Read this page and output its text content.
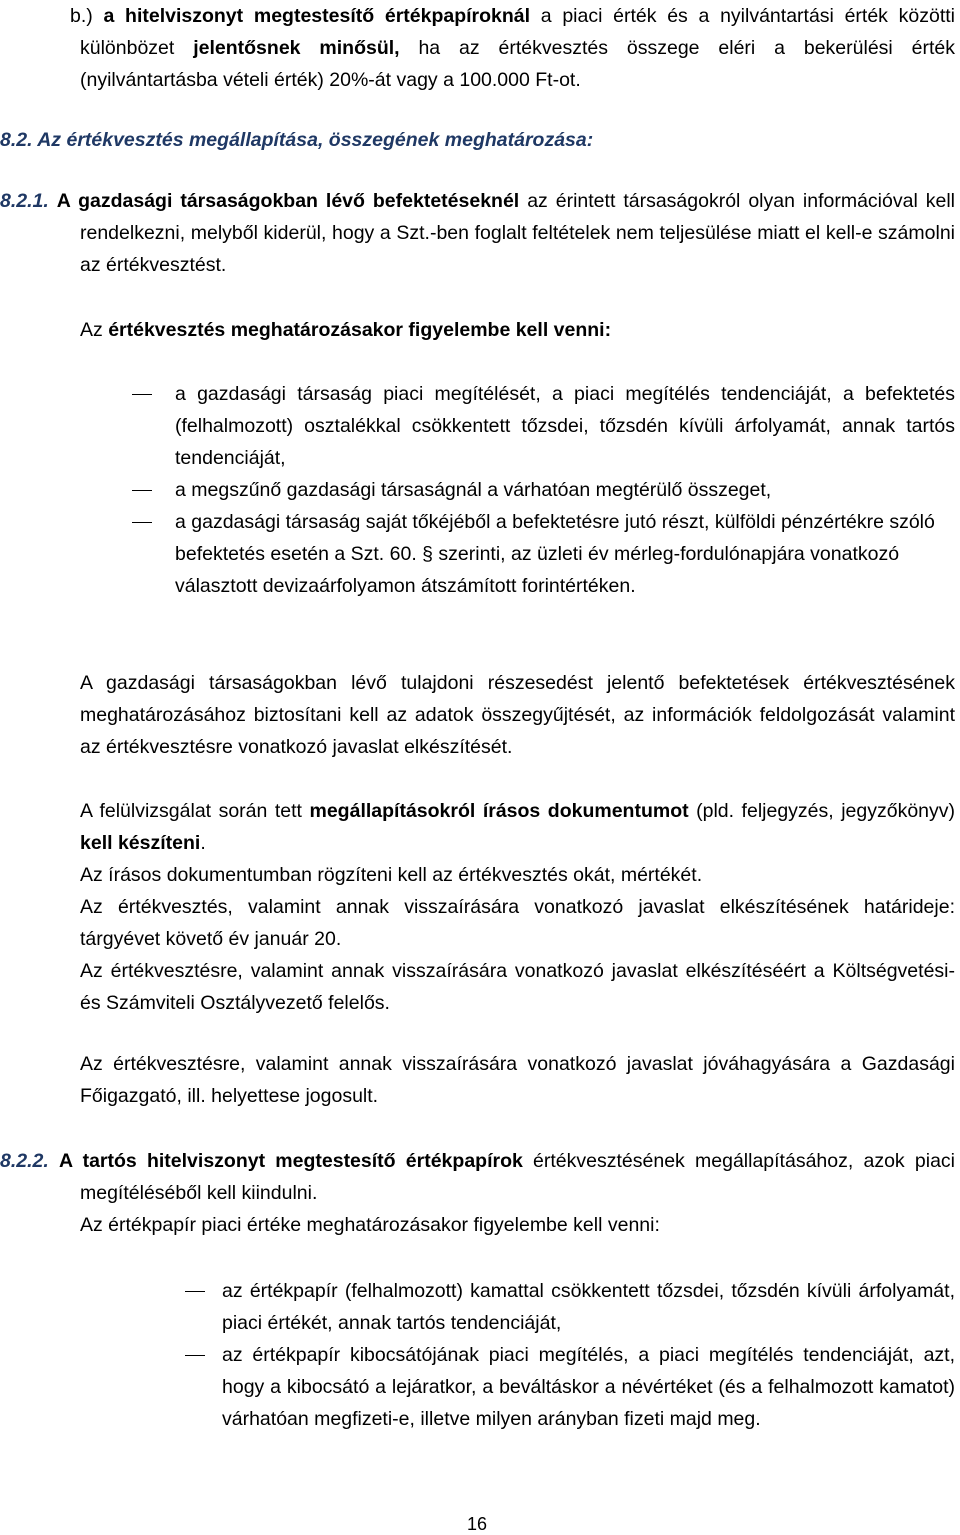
b.) a hitelviszonyt megtestesítő értékpapíroknál a piaci érték és a nyilvántartási érték közötti különbözet jelentősnek minősül, ha az értékvesztés összege eléri a bekerülési érték (nyilvántartásba vételi érték) 20%-át vagy a 100.000 Ft-ot.

8.2. Az értékvesztés megállapítása, összegének meghatározása:

8.2.1. A gazdasági társaságokban lévő befektetéseknél az érintett társaságokról olyan információval kell rendelkezni, melyből kiderül, hogy a Szt.-ben foglalt feltételek nem teljesülése miatt el kell-e számolni az értékvesztést.

Az értékvesztés meghatározásakor figyelembe kell venni:

a gazdasági társaság piaci megítélését, a piaci megítélés tendenciáját, a befektetés (felhalmozott) osztalékkal csökkentett tőzsdei, tőzsdén kívüli árfolyamát, annak tartós tendenciáját,

a megszűnő gazdasági társaságnál a várhatóan megtérülő összeget,

a gazdasági társaság saját tőkéjéből a befektetésre jutó részt, külföldi pénzértékre szóló befektetés esetén a Szt. 60. § szerinti, az üzleti év mérleg-fordulónapjára vonatkozó választott devizaárfolyamon átszámított forintértéken.

A gazdasági társaságokban lévő tulajdoni részesedést jelentő befektetések értékvesztésének meghatározásához biztosítani kell az adatok összegyűjtését, az információk feldolgozását valamint az értékvesztésre vonatkozó javaslat elkészítését.

A felülvizsgálat során tett megállapításokról írásos dokumentumot (pld. feljegyzés, jegyzőkönyv) kell készíteni.

Az írásos dokumentumban rögzíteni kell az értékvesztés okát, mértékét.

Az értékvesztés, valamint annak visszaírására vonatkozó javaslat elkészítésének határideje: tárgyévet követő év január 20.

Az értékvesztésre, valamint annak visszaírására vonatkozó javaslat elkészítéséért a Költségvetési- és Számviteli Osztályvezető felelős.

Az értékvesztésre, valamint annak visszaírására vonatkozó javaslat jóváhagyására a Gazdasági Főigazgató, ill. helyettese jogosult.

8.2.2. A tartós hitelviszonyt megtestesítő értékpapírok értékvesztésének megállapításához, azok piaci megítéléséből kell kiindulni.

Az értékpapír piaci értéke meghatározásakor figyelembe kell venni:

az értékpapír (felhalmozott) kamattal csökkentett tőzsdei, tőzsdén kívüli árfolyamát, piaci értékét, annak tartós tendenciáját,

az értékpapír kibocsátójának piaci megítélés, a piaci megítélés tendenciáját, azt, hogy a kibocsátó a lejáratkor, a beváltáskor a névértéket (és a felhalmozott kamatot) várhatóan megfizeti-e, illetve milyen arányban fizeti majd meg.

16
